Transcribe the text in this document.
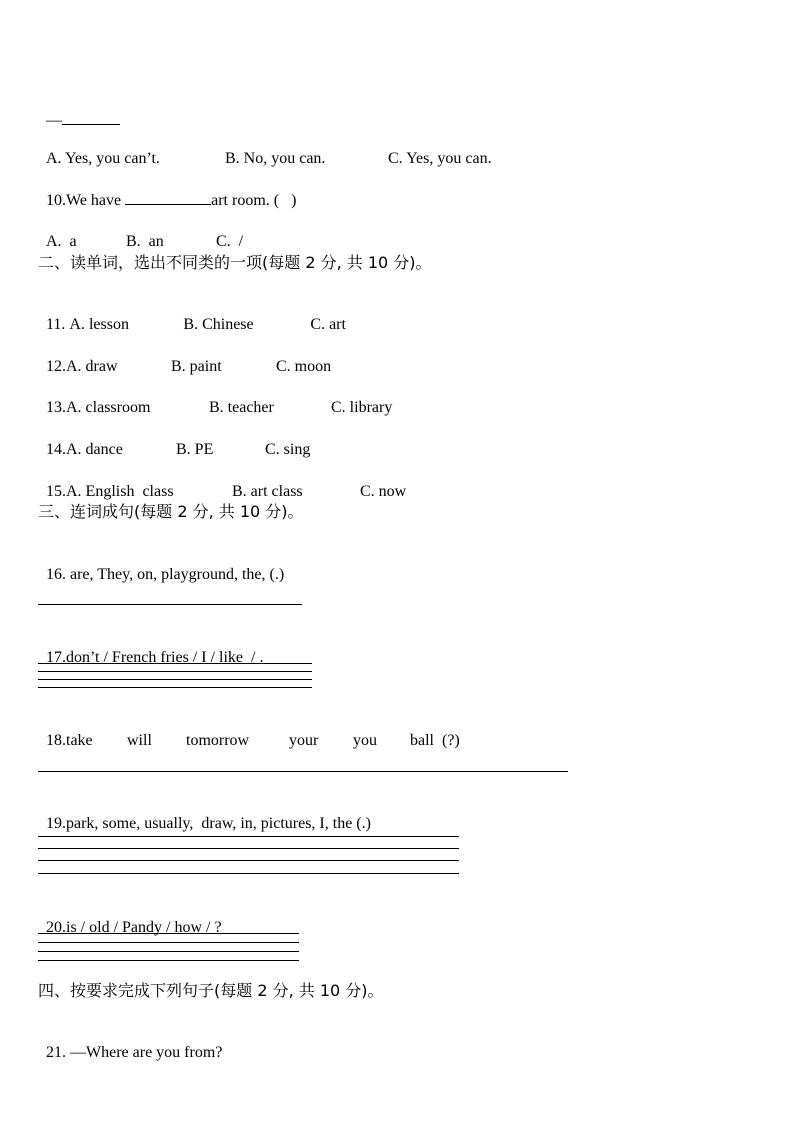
—

A. Yes, you can’t.	B. No, you can.	C. Yes, you can.

10.We have	art room. ( )

A.  a	B.  an	C.  /

二、读单词，选出不同类的一项(每题 2 分, 共 10 分)。

11. A. lesson	B. Chinese	C. art

12.A. draw	B. paint	C. moon

13.A. classroom	B. teacher	C. library

14.A. dance	B. PE	C. sing

15.A. English  class	B. art class	C. now

三、连词成句(每题 2 分, 共 10 分)。

16. are, They, on, playground, the, (.)

17.don’t / French fries / I / like  / .

18.take will tomorrow your you ball  (?)

19.park, some, usually,  draw, in, pictures, I, the (.)

20.is / old / Pandy / how / ?

四、按要求完成下列句子(每题 2 分, 共 10 分)。

21. —Where are you from?
